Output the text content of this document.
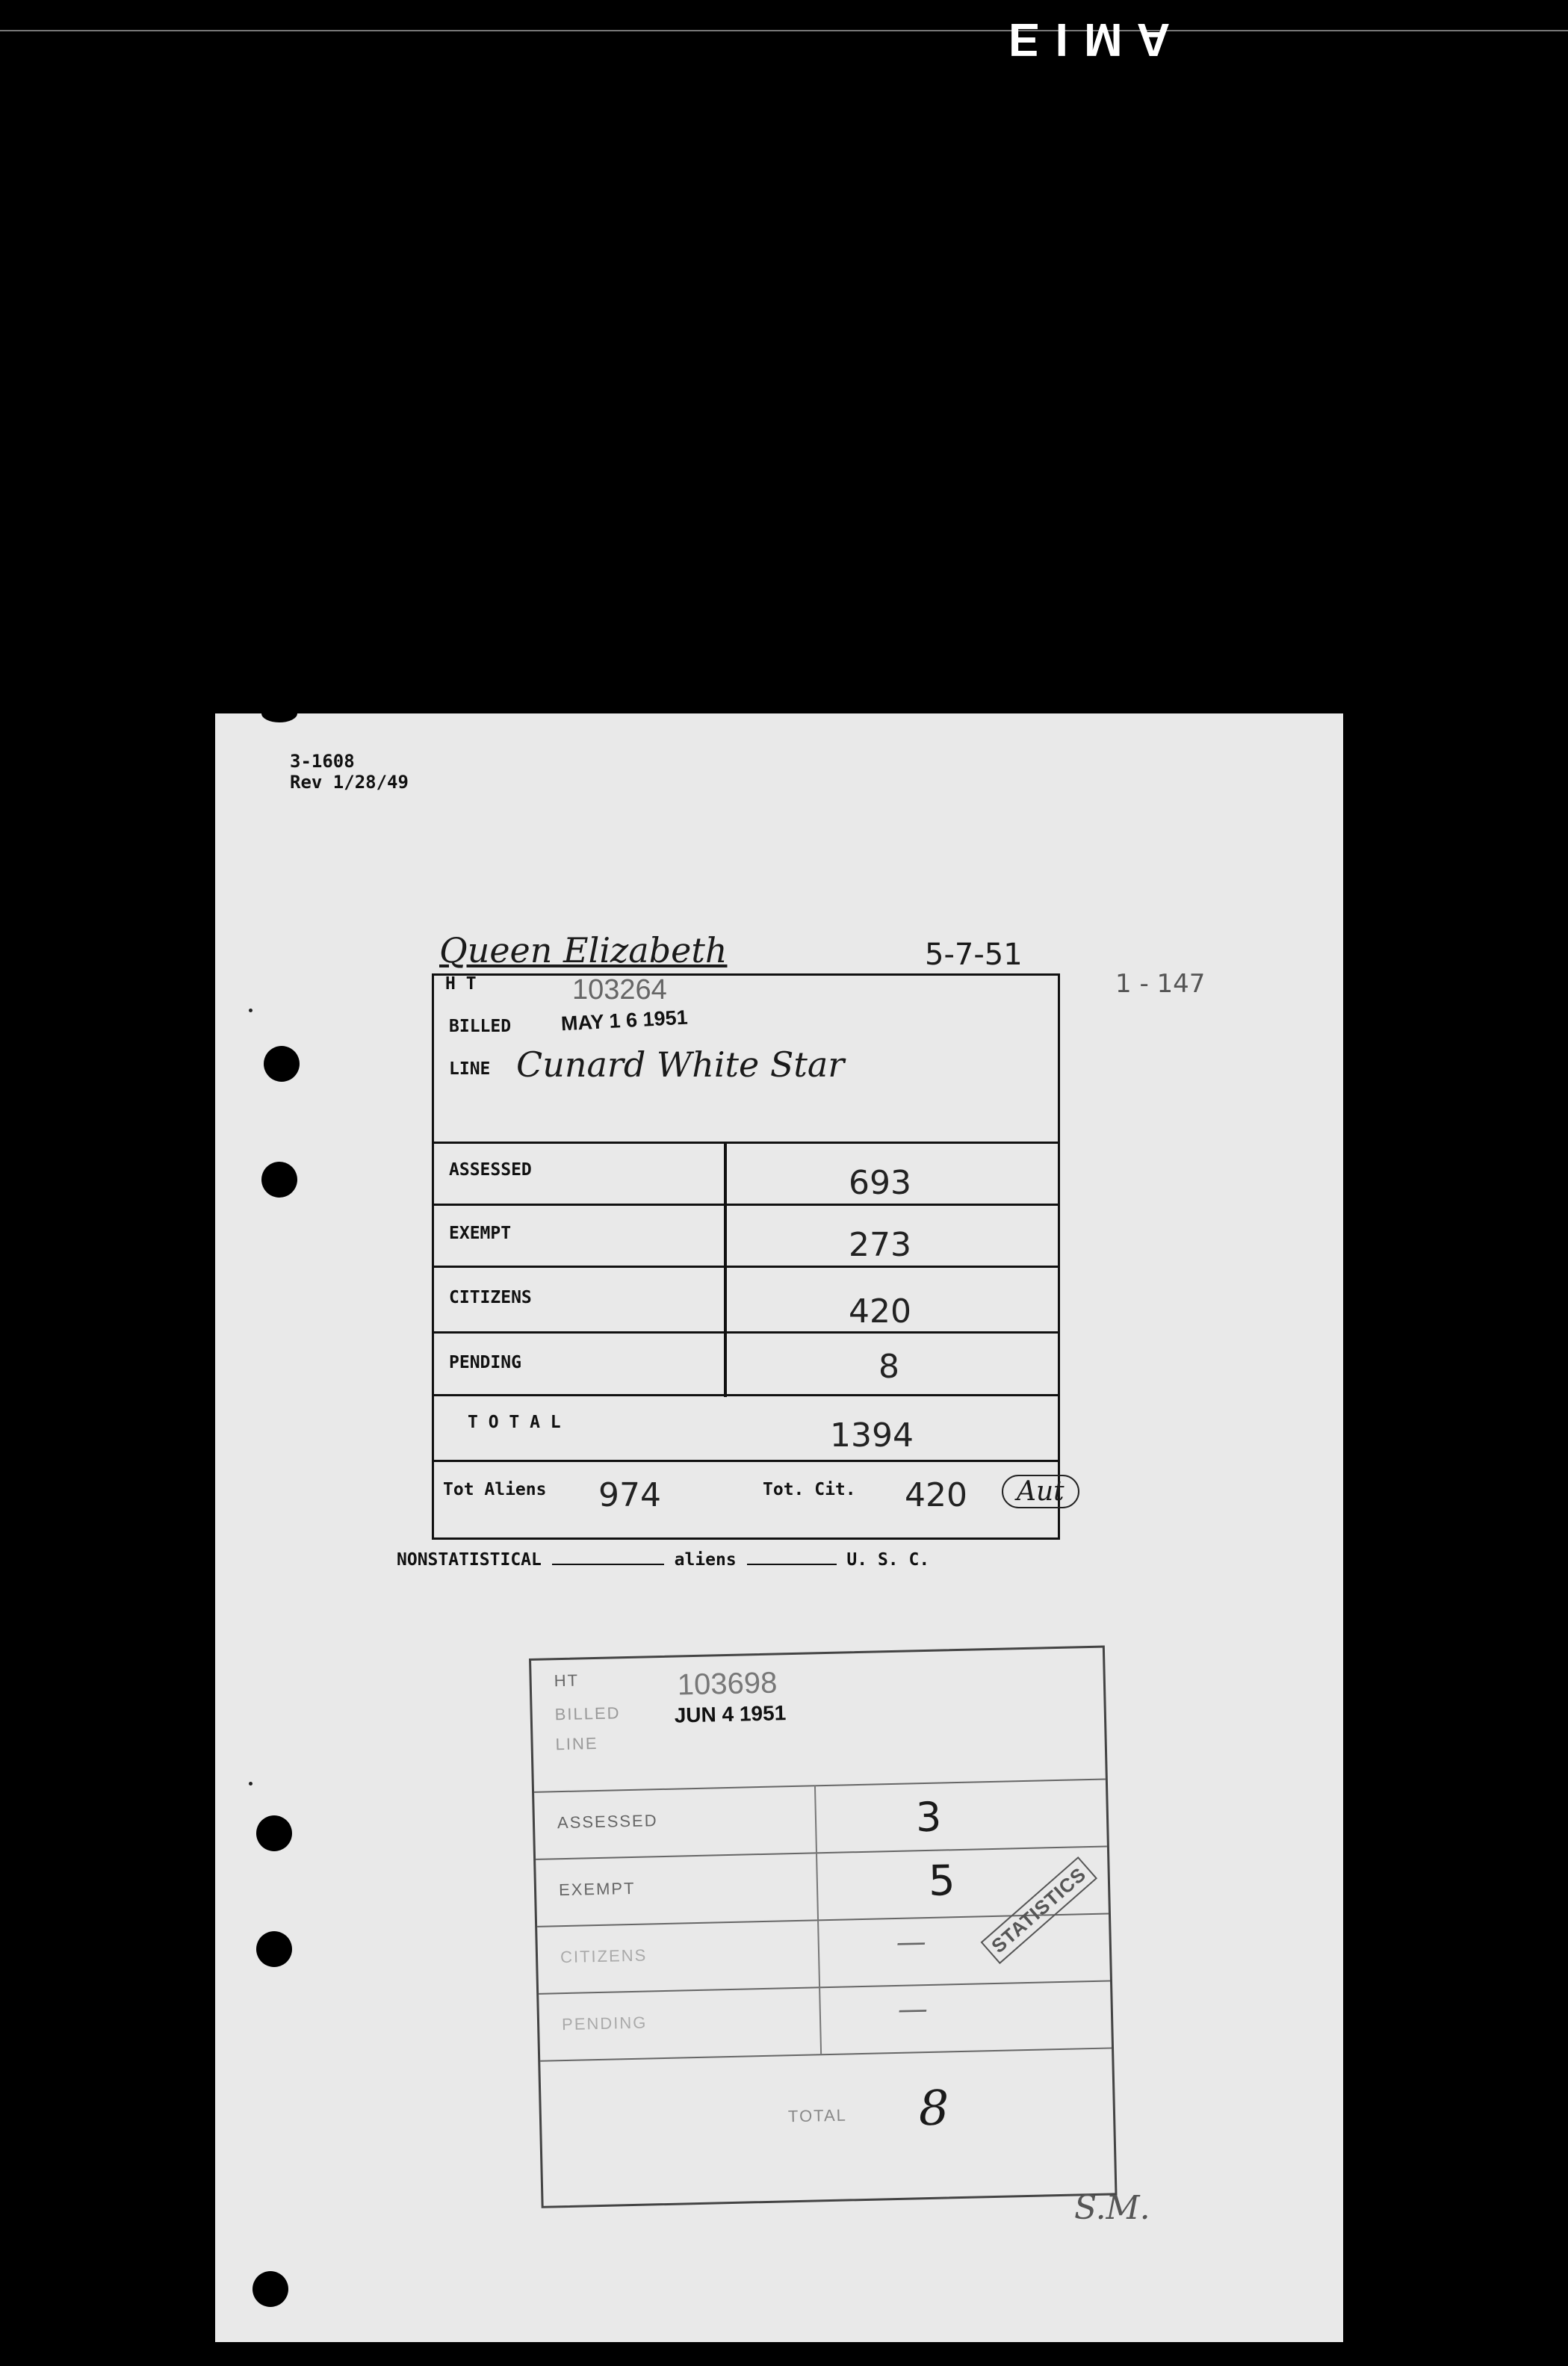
E I M A
3-1608
Rev 1/28/49
Queen Elizabeth	5-7-51
1 - 147
H T	103264
BILLED MAY 1 6 1951
LINE Cunard White Star
ASSESSED	693
EXEMPT	273
CITIZENS	420
PENDING	8
T O T A L	1394
Tot Aliens 974	Tot. Cit. 420	Aut
NONSTATISTICAL	aliens	U. S. C.
HT	103698
BILLED	JUN 4 1951
LINE
ASSESSED	3
EXEMPT	5
CITIZENS	—
PENDING	—
TOTAL 8
STATISTICS
S.M.
